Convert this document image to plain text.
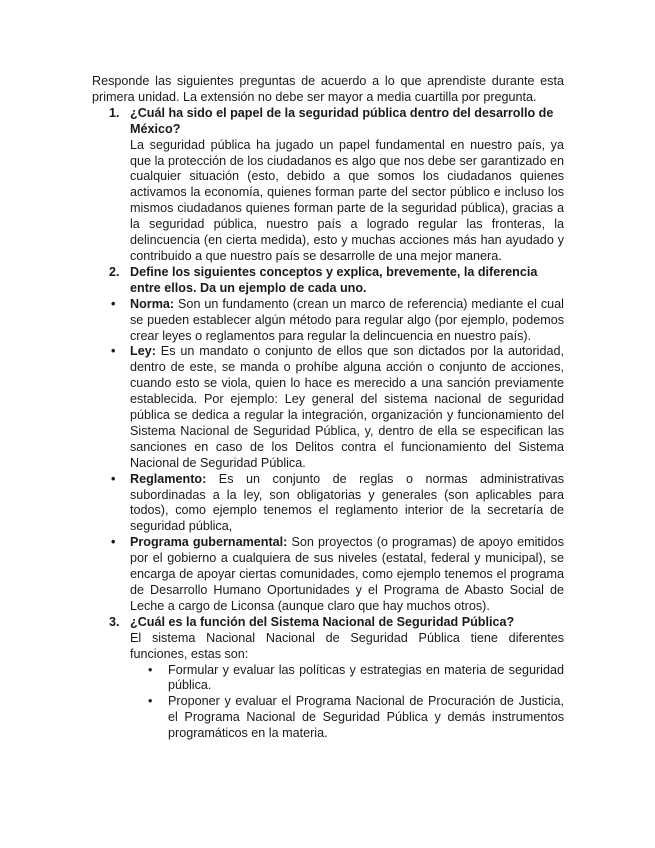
Responde las siguientes preguntas de acuerdo a lo que aprendiste durante esta primera unidad. La extensión no debe ser mayor a media cuartilla por pregunta.

1. ¿Cuál ha sido el papel de la seguridad pública dentro del desarrollo de México?

La seguridad pública ha jugado un papel fundamental en nuestro país, ya que la protección de los ciudadanos es algo que nos debe ser garantizado en cualquier situación (esto, debido a que somos los ciudadanos quienes activamos la economía, quienes forman parte del sector público e incluso los mismos ciudadanos quienes forman parte de la seguridad pública), gracias a la seguridad pública, nuestro país a logrado regular las fronteras, la delincuencia (en cierta medida), esto y muchas acciones más han ayudado y contribuido a que nuestro país se desarrolle de una mejor manera.

2. Define los siguientes conceptos y explica, brevemente, la diferencia entre ellos. Da un ejemplo de cada uno.

• Norma: Son un fundamento (crean un marco de referencia) mediante el cual se pueden establecer algún método para regular algo (por ejemplo, podemos crear leyes o reglamentos para regular la delincuencia en nuestro país).

• Ley: Es un mandato o conjunto de ellos que son dictados por la autoridad, dentro de este, se manda o prohíbe alguna acción o conjunto de acciones, cuando esto se viola, quien lo hace es merecido a una sanción previamente establecida. Por ejemplo: Ley general del sistema nacional de seguridad pública se dedica a regular la integración, organización y funcionamiento del Sistema Nacional de Seguridad Pública, y, dentro de ella se especifican las sanciones en caso de los Delitos contra el funcionamiento del Sistema Nacional de Seguridad Pública.

• Reglamento: Es un conjunto de reglas o normas administrativas subordinadas a la ley, son obligatorias y generales (son aplicables para todos), como ejemplo tenemos el reglamento interior de la secretaría de seguridad pública,

• Programa gubernamental: Son proyectos (o programas) de apoyo emitidos por el gobierno a cualquiera de sus niveles (estatal, federal y municipal), se encarga de apoyar ciertas comunidades, como ejemplo tenemos el programa de Desarrollo Humano Oportunidades y el Programa de Abasto Social de Leche a cargo de Liconsa (aunque claro que hay muchos otros).

3. ¿Cuál es la función del Sistema Nacional de Seguridad Pública?

El sistema Nacional Nacional de Seguridad Pública tiene diferentes funciones, estas son:

• Formular y evaluar las políticas y estrategias en materia de seguridad pública.

• Proponer y evaluar el Programa Nacional de Procuración de Justicia, el Programa Nacional de Seguridad Pública y demás instrumentos programáticos en la materia.
